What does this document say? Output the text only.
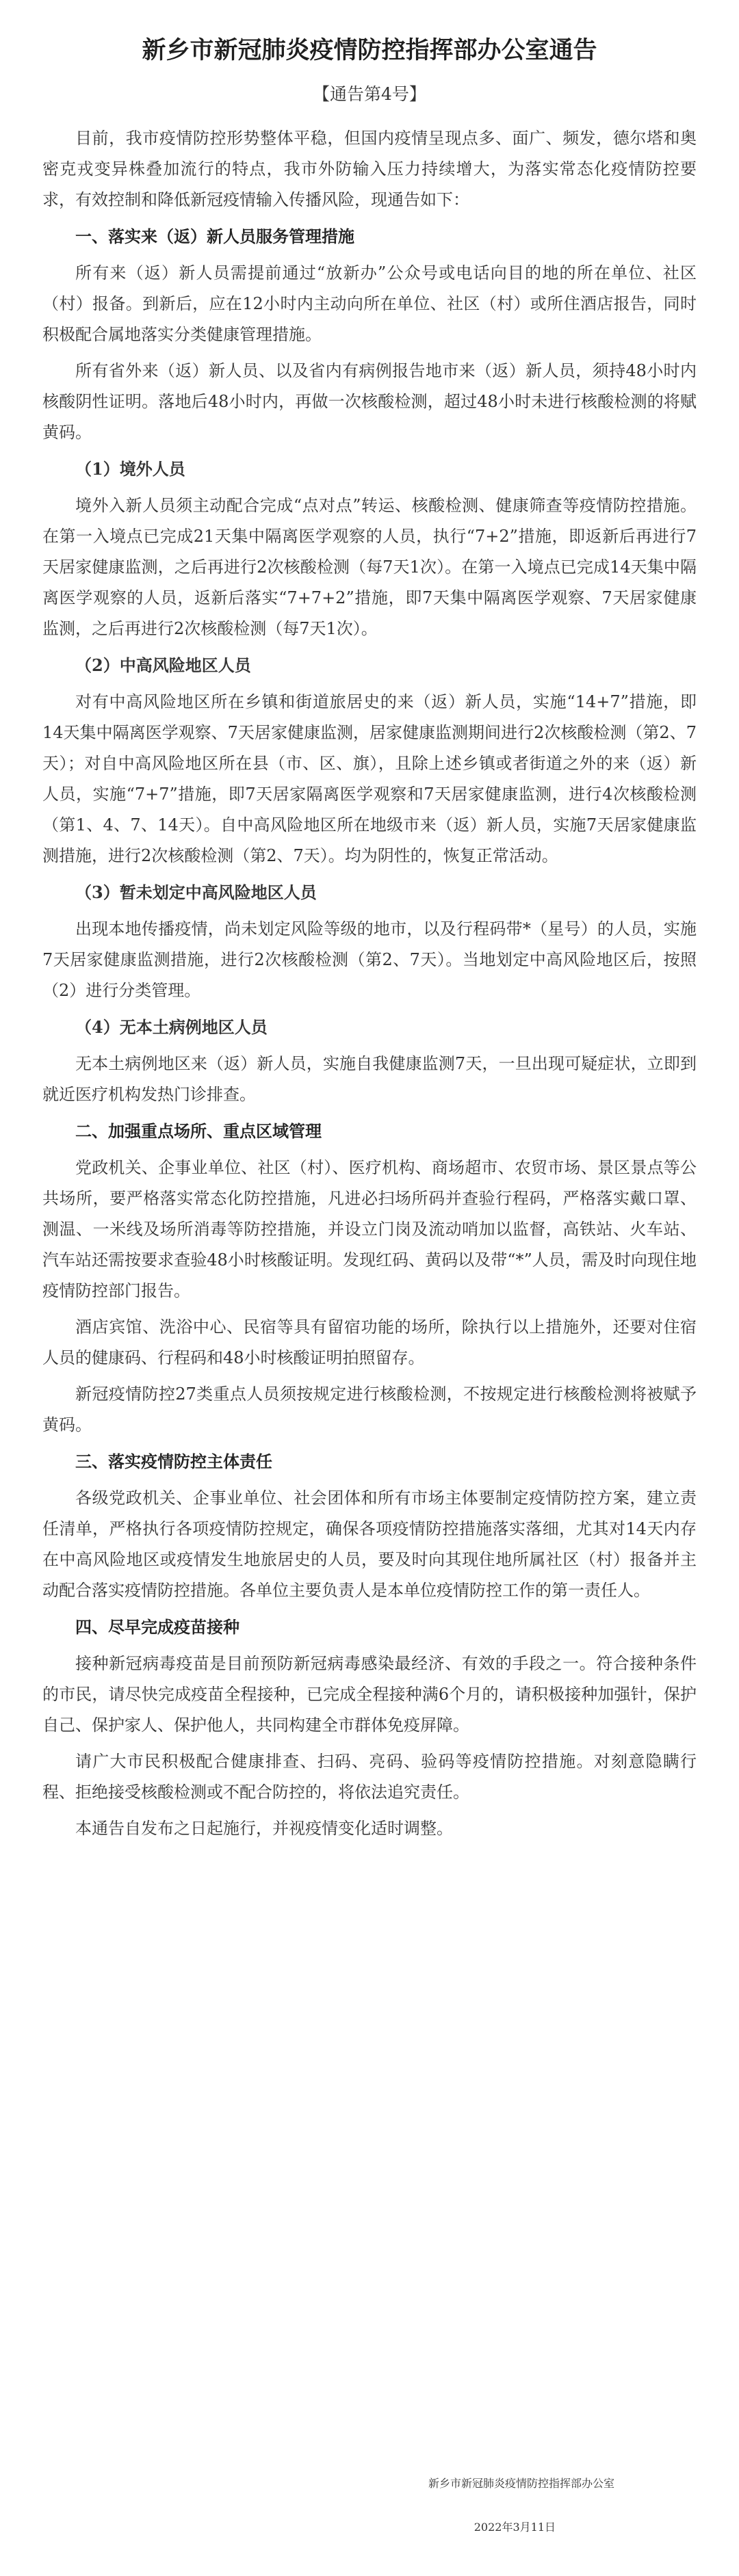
新乡市新冠肺炎疫情防控指挥部办公室通告
【通告第4号】

目前，我市疫情防控形势整体平稳，但国内疫情呈现点多、面广、频发，德尔塔和奥密克戎变异株叠加流行的特点，我市外防输入压力持续增大，为落实常态化疫情防控要求，有效控制和降低新冠疫情输入传播风险，现通告如下：

一、落实来（返）新人员服务管理措施

所有来（返）新人员需提前通过“放新办”公众号或电话向目的地的所在单位、社区（村）报备。到新后，应在12小时内主动向所在单位、社区（村）或所住酒店报告，同时积极配合属地落实分类健康管理措施。

所有省外来（返）新人员、以及省内有病例报告地市来（返）新人员，须持48小时内核酸阴性证明。落地后48小时内，再做一次核酸检测，超过48小时未进行核酸检测的将赋黄码。

（1）境外人员

境外入新人员须主动配合完成“点对点”转运、核酸检测、健康筛查等疫情防控措施。在第一入境点已完成21天集中隔离医学观察的人员，执行“7+2”措施，即返新后再进行7天居家健康监测，之后再进行2次核酸检测（每7天1次）。在第一入境点已完成14天集中隔离医学观察的人员，返新后落实“7+7+2”措施，即7天集中隔离医学观察、7天居家健康监测，之后再进行2次核酸检测（每7天1次）。

（2）中高风险地区人员

对有中高风险地区所在乡镇和街道旅居史的来（返）新人员，实施“14+7”措施，即14天集中隔离医学观察、7天居家健康监测，居家健康监测期间进行2次核酸检测（第2、7天）；对自中高风险地区所在县（市、区、旗），且除上述乡镇或者街道之外的来（返）新人员，实施“7+7”措施，即7天居家隔离医学观察和7天居家健康监测，进行4次核酸检测（第1、4、7、14天）。自中高风险地区所在地级市来（返）新人员，实施7天居家健康监测措施，进行2次核酸检测（第2、7天）。均为阴性的，恢复正常活动。

（3）暂未划定中高风险地区人员

出现本地传播疫情，尚未划定风险等级的地市，以及行程码带*（星号）的人员，实施7天居家健康监测措施，进行2次核酸检测（第2、7天）。当地划定中高风险地区后，按照（2）进行分类管理。

（4）无本土病例地区人员

无本土病例地区来（返）新人员，实施自我健康监测7天，一旦出现可疑症状，立即到就近医疗机构发热门诊排查。

二、加强重点场所、重点区域管理

党政机关、企事业单位、社区（村）、医疗机构、商场超市、农贸市场、景区景点等公共场所，要严格落实常态化防控措施，凡进必扫场所码并查验行程码，严格落实戴口罩、测温、一米线及场所消毒等防控措施，并设立门岗及流动哨加以监督，高铁站、火车站、汽车站还需按要求查验48小时核酸证明。发现红码、黄码以及带“*”人员，需及时向现住地疫情防控部门报告。

酒店宾馆、洗浴中心、民宿等具有留宿功能的场所，除执行以上措施外，还要对住宿人员的健康码、行程码和48小时核酸证明拍照留存。

新冠疫情防控27类重点人员须按规定进行核酸检测，不按规定进行核酸检测将被赋予黄码。

三、落实疫情防控主体责任

各级党政机关、企事业单位、社会团体和所有市场主体要制定疫情防控方案，建立责任清单，严格执行各项疫情防控规定，确保各项疫情防控措施落实落细，尤其对14天内存在中高风险地区或疫情发生地旅居史的人员，要及时向其现住地所属社区（村）报备并主动配合落实疫情防控措施。各单位主要负责人是本单位疫情防控工作的第一责任人。

四、尽早完成疫苗接种

接种新冠病毒疫苗是目前预防新冠病毒感染最经济、有效的手段之一。符合接种条件的市民，请尽快完成疫苗全程接种，已完成全程接种满6个月的，请积极接种加强针，保护自己、保护家人、保护他人，共同构建全市群体免疫屏障。

请广大市民积极配合健康排查、扫码、亮码、验码等疫情防控措施。对刻意隐瞒行程、拒绝接受核酸检测或不配合防控的，将依法追究责任。

本通告自发布之日起施行，并视疫情变化适时调整。

新乡市新冠肺炎疫情防控指挥部办公室
2022年3月11日
